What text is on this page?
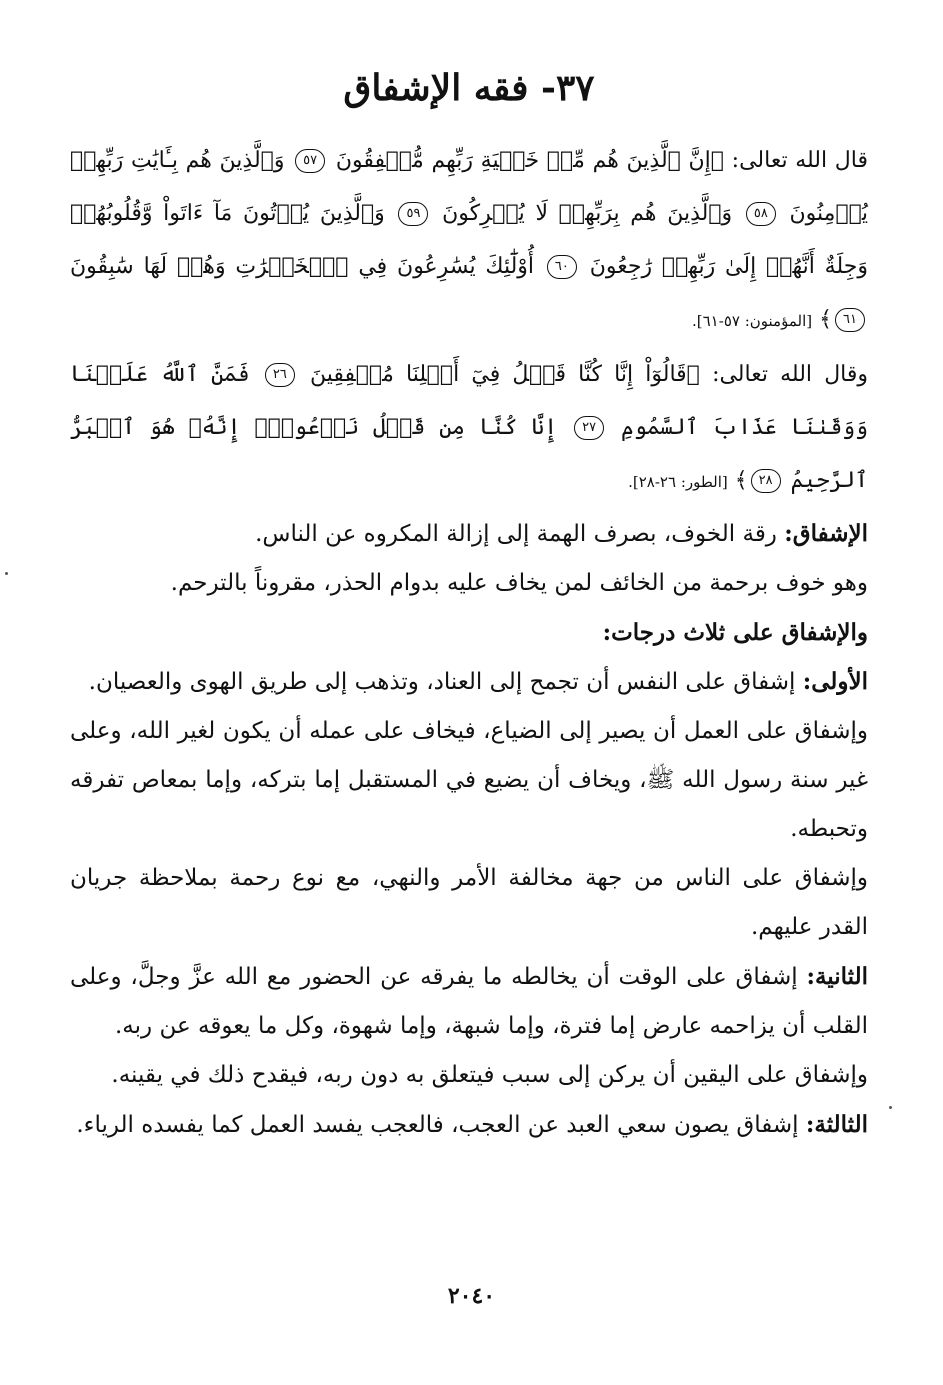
٣٧- فقه الإشفاق

قال الله تعالى: ﴿إِنَّ ٱلَّذِينَ هُم مِّنۡ خَشۡيَةِ رَبِّهِم مُّشۡفِقُونَ ٥٧ وَٱلَّذِينَ هُم بِـَٔايَٰتِ رَبِّهِمۡ يُؤۡمِنُونَ ٥٨ وَٱلَّذِينَ هُم بِرَبِّهِمۡ لَا يُشۡرِكُونَ ٥٩ وَٱلَّذِينَ يُؤۡتُونَ مَآ ءَاتَواْ وَّقُلُوبُهُمۡ وَجِلَةٌ أَنَّهُمۡ إِلَىٰ رَبِّهِمۡ رَٰجِعُونَ ٦٠ أُوْلَٰٓئِكَ يُسَٰرِعُونَ فِي ٱلۡخَيۡرَٰتِ وَهُمۡ لَهَا سَٰبِقُونَ ٦١﴾ [المؤمنون: ٥٧-٦١].

وقال الله تعالى: ﴿قَالُوٓاْ إِنَّا كُنَّا قَبۡلُ فِيٓ أَهۡلِنَا مُشۡفِقِينَ ٢٦ فَمَنَّ ٱللَّهُ عَلَيۡنَا وَوَقَىٰنَا عَذَابَ ٱلسَّمُومِ ٢٧ إِنَّا كُنَّا مِن قَبۡلُ نَدۡعُوهُۖ إِنَّهُۥ هُوَ ٱلۡبَرُّ ٱلرَّحِيمُ ٢٨﴾ [الطور: ٢٦-٢٨].

الإشفاق: رقة الخوف، بصرف الهمة إلى إزالة المكروه عن الناس.

وهو خوف برحمة من الخائف لمن يخاف عليه بدوام الحذر، مقروناً بالترحم.

والإشفاق على ثلاث درجات:

الأولى: إشفاق على النفس أن تجمح إلى العناد، وتذهب إلى طريق الهوى والعصيان.

وإشفاق على العمل أن يصير إلى الضياع، فيخاف على عمله أن يكون لغير الله، وعلى غير سنة رسول الله ﷺ، ويخاف أن يضيع في المستقبل إما بتركه، وإما بمعاص تفرقه وتحبطه.

وإشفاق على الناس من جهة مخالفة الأمر والنهي، مع نوع رحمة بملاحظة جريان القدر عليهم.

الثانية: إشفاق على الوقت أن يخالطه ما يفرقه عن الحضور مع الله عزَّ وجلَّ، وعلى القلب أن يزاحمه عارض إما فترة، وإما شبهة، وإما شهوة، وكل ما يعوقه عن ربه.

وإشفاق على اليقين أن يركن إلى سبب فيتعلق به دون ربه، فيقدح ذلك في يقينه.

الثالثة: إشفاق يصون سعي العبد عن العجب، فالعجب يفسد العمل كما يفسده الرياء.

٢٠٤٠
